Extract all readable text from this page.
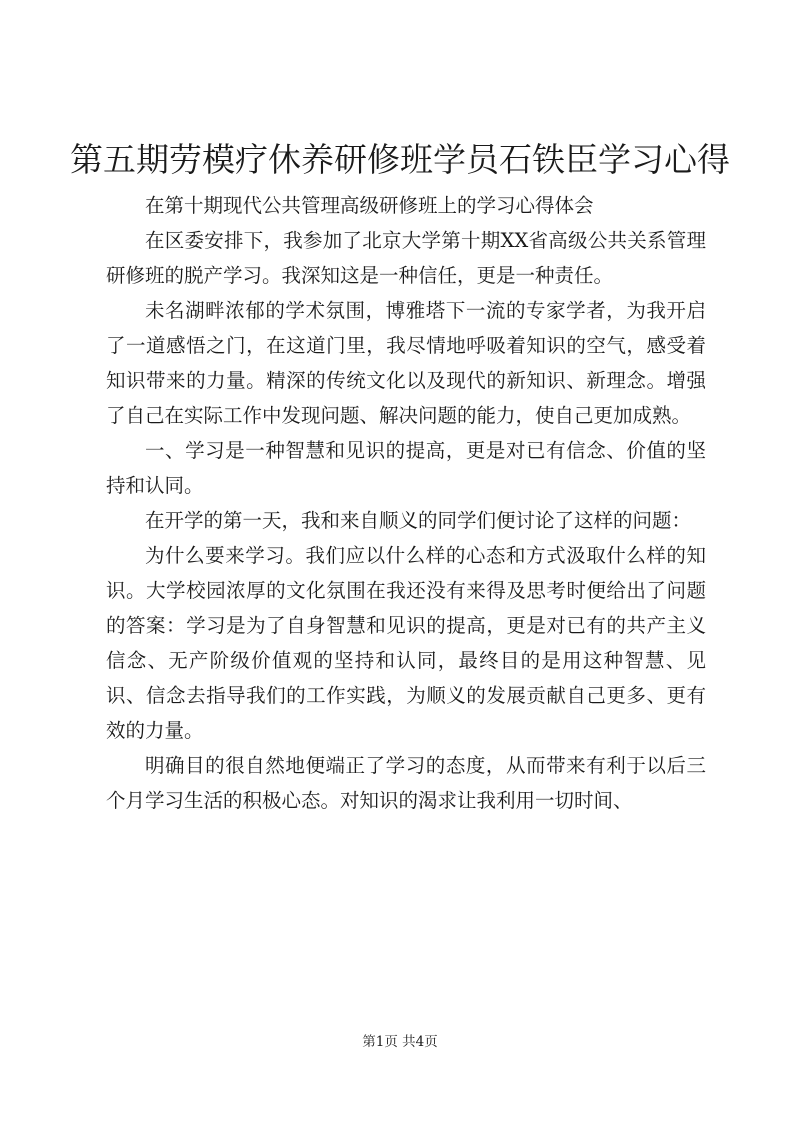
第五期劳模疗休养研修班学员石铁臣学习心得

在第十期现代公共管理高级研修班上的学习心得体会

在区委安排下，我参加了北京大学第十期XX省高级公共关系管理研修班的脱产学习。我深知这是一种信任，更是一种责任。

未名湖畔浓郁的学术氛围，博雅塔下一流的专家学者，为我开启了一道感悟之门，在这道门里，我尽情地呼吸着知识的空气，感受着知识带来的力量。精深的传统文化以及现代的新知识、新理念。增强了自己在实际工作中发现问题、解决问题的能力，使自己更加成熟。

一、学习是一种智慧和见识的提高，更是对已有信念、价值的坚持和认同。

在开学的第一天，我和来自顺义的同学们便讨论了这样的问题：

为什么要来学习。我们应以什么样的心态和方式汲取什么样的知识。大学校园浓厚的文化氛围在我还没有来得及思考时便给出了问题的答案：学习是为了自身智慧和见识的提高，更是对已有的共产主义信念、无产阶级价值观的坚持和认同，最终目的是用这种智慧、见识、信念去指导我们的工作实践，为顺义的发展贡献自己更多、更有效的力量。

明确目的很自然地便端正了学习的态度，从而带来有利于以后三个月学习生活的积极心态。对知识的渴求让我利用一切时间、

第1页 共4页
